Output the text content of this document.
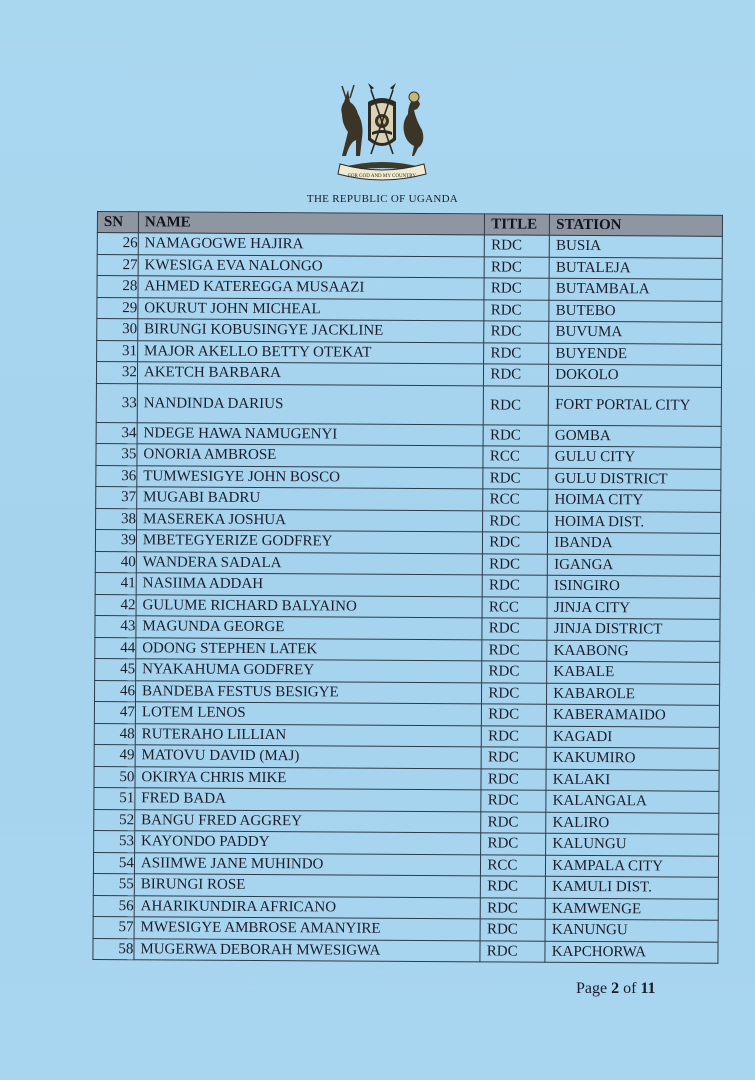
FOR GOD AND MY COUNTRY
THE REPUBLIC OF UGANDA
SN	NAME	TITLE	STATION
26	NAMAGOGWE HAJIRA	RDC	BUSIA
27	KWESIGA EVA NALONGO	RDC	BUTALEJA
28	AHMED KATEREGGA MUSAAZI	RDC	BUTAMBALA
29	OKURUT JOHN MICHEAL	RDC	BUTEBO
30	BIRUNGI KOBUSINGYE JACKLINE	RDC	BUVUMA
31	MAJOR AKELLO BETTY OTEKAT	RDC	BUYENDE
32	AKETCH BARBARA	RDC	DOKOLO
33	NANDINDA DARIUS	RDC	FORT PORTAL CITY
34	NDEGE HAWA NAMUGENYI	RDC	GOMBA
35	ONORIA AMBROSE	RCC	GULU CITY
36	TUMWESIGYE JOHN BOSCO	RDC	GULU DISTRICT
37	MUGABI BADRU	RCC	HOIMA CITY
38	MASEREKA JOSHUA	RDC	HOIMA DIST.
39	MBETEGYERIZE GODFREY	RDC	IBANDA
40	WANDERA SADALA	RDC	IGANGA
41	NASIIMA ADDAH	RDC	ISINGIRO
42	GULUME RICHARD BALYAINO	RCC	JINJA CITY
43	MAGUNDA GEORGE	RDC	JINJA DISTRICT
44	ODONG STEPHEN LATEK	RDC	KAABONG
45	NYAKAHUMA GODFREY	RDC	KABALE
46	BANDEBA FESTUS BESIGYE	RDC	KABAROLE
47	LOTEM LENOS	RDC	KABERAMAIDO
48	RUTERAHO LILLIAN	RDC	KAGADI
49	MATOVU DAVID (MAJ)	RDC	KAKUMIRO
50	OKIRYA CHRIS MIKE	RDC	KALAKI
51	FRED BADA	RDC	KALANGALA
52	BANGU FRED AGGREY	RDC	KALIRO
53	KAYONDO PADDY	RDC	KALUNGU
54	ASIIMWE JANE MUHINDO	RCC	KAMPALA CITY
55	BIRUNGI ROSE	RDC	KAMULI DIST.
56	AHARIKUNDIRA AFRICANO	RDC	KAMWENGE
57	MWESIGYE AMBROSE AMANYIRE	RDC	KANUNGU
58	MUGERWA DEBORAH MWESIGWA	RDC	KAPCHORWA
Page 2 of 11
